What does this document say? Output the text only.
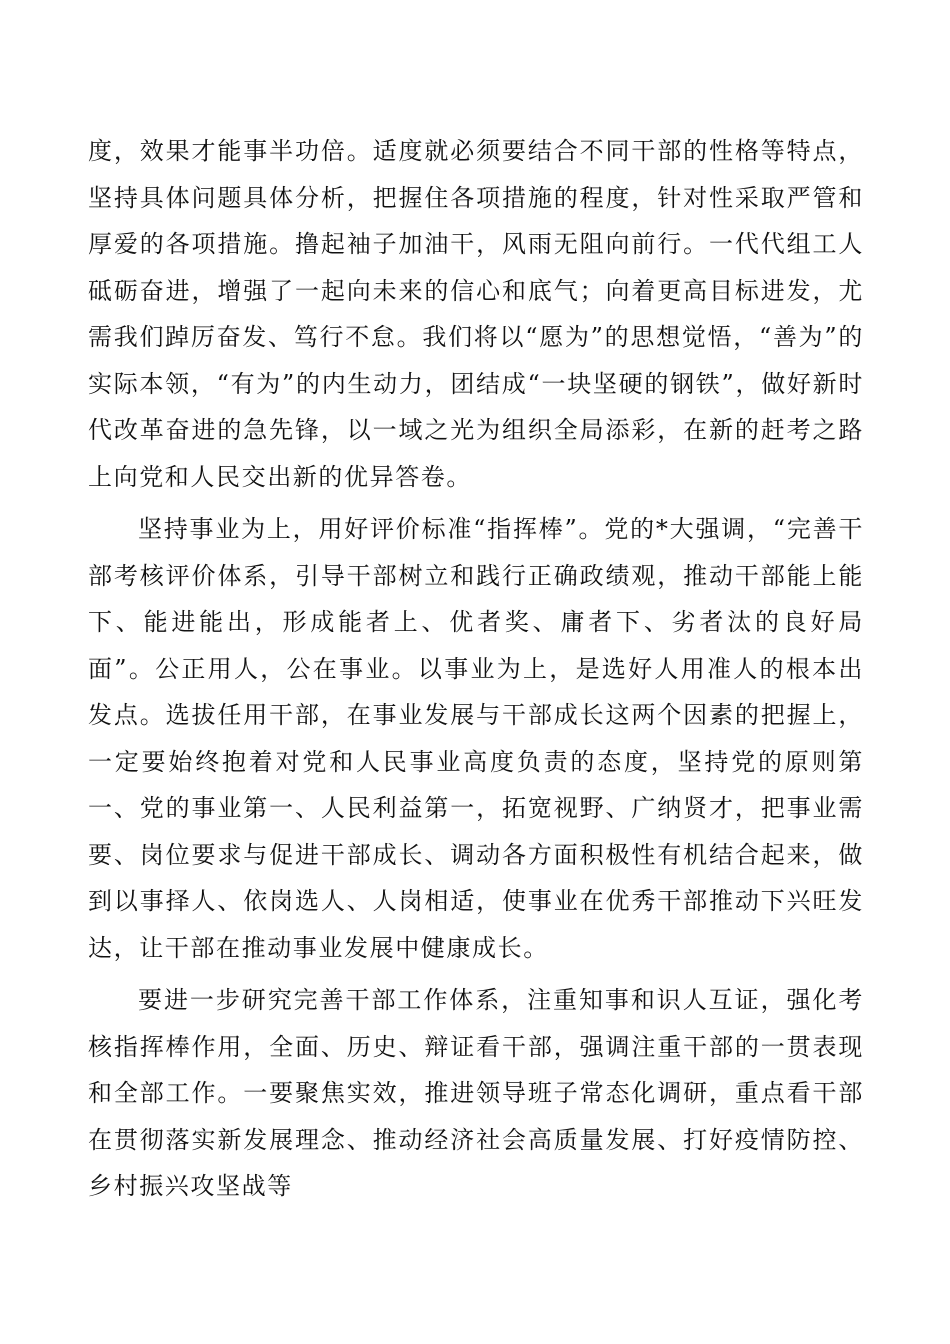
度，效果才能事半功倍。适度就必须要结合不同干部的性格等特点，坚持具体问题具体分析，把握住各项措施的程度，针对性采取严管和厚爱的各项措施。撸起袖子加油干，风雨无阻向前行。一代代组工人砥砺奋进，增强了一起向未来的信心和底气；向着更高目标进发，尤需我们踔厉奋发、笃行不怠。我们将以“愿为”的思想觉悟，“善为”的实际本领，“有为”的内生动力，团结成“一块坚硬的钢铁”，做好新时代改革奋进的急先锋，以一域之光为组织全局添彩，在新的赶考之路上向党和人民交出新的优异答卷。

坚持事业为上，用好评价标准“指挥棒”。党的*大强调，“完善干部考核评价体系，引导干部树立和践行正确政绩观，推动干部能上能下、能进能出，形成能者上、优者奖、庸者下、劣者汰的良好局面”。公正用人，公在事业。以事业为上，是选好人用准人的根本出发点。选拔任用干部，在事业发展与干部成长这两个因素的把握上，一定要始终抱着对党和人民事业高度负责的态度，坚持党的原则第一、党的事业第一、人民利益第一，拓宽视野、广纳贤才，把事业需要、岗位要求与促进干部成长、调动各方面积极性有机结合起来，做到以事择人、依岗选人、人岗相适，使事业在优秀干部推动下兴旺发达，让干部在推动事业发展中健康成长。

要进一步研究完善干部工作体系，注重知事和识人互证，强化考核指挥棒作用，全面、历史、辩证看干部，强调注重干部的一贯表现和全部工作。一要聚焦实效，推进领导班子常态化调研，重点看干部在贯彻落实新发展理念、推动经济社会高质量发展、打好疫情防控、乡村振兴攻坚战等
